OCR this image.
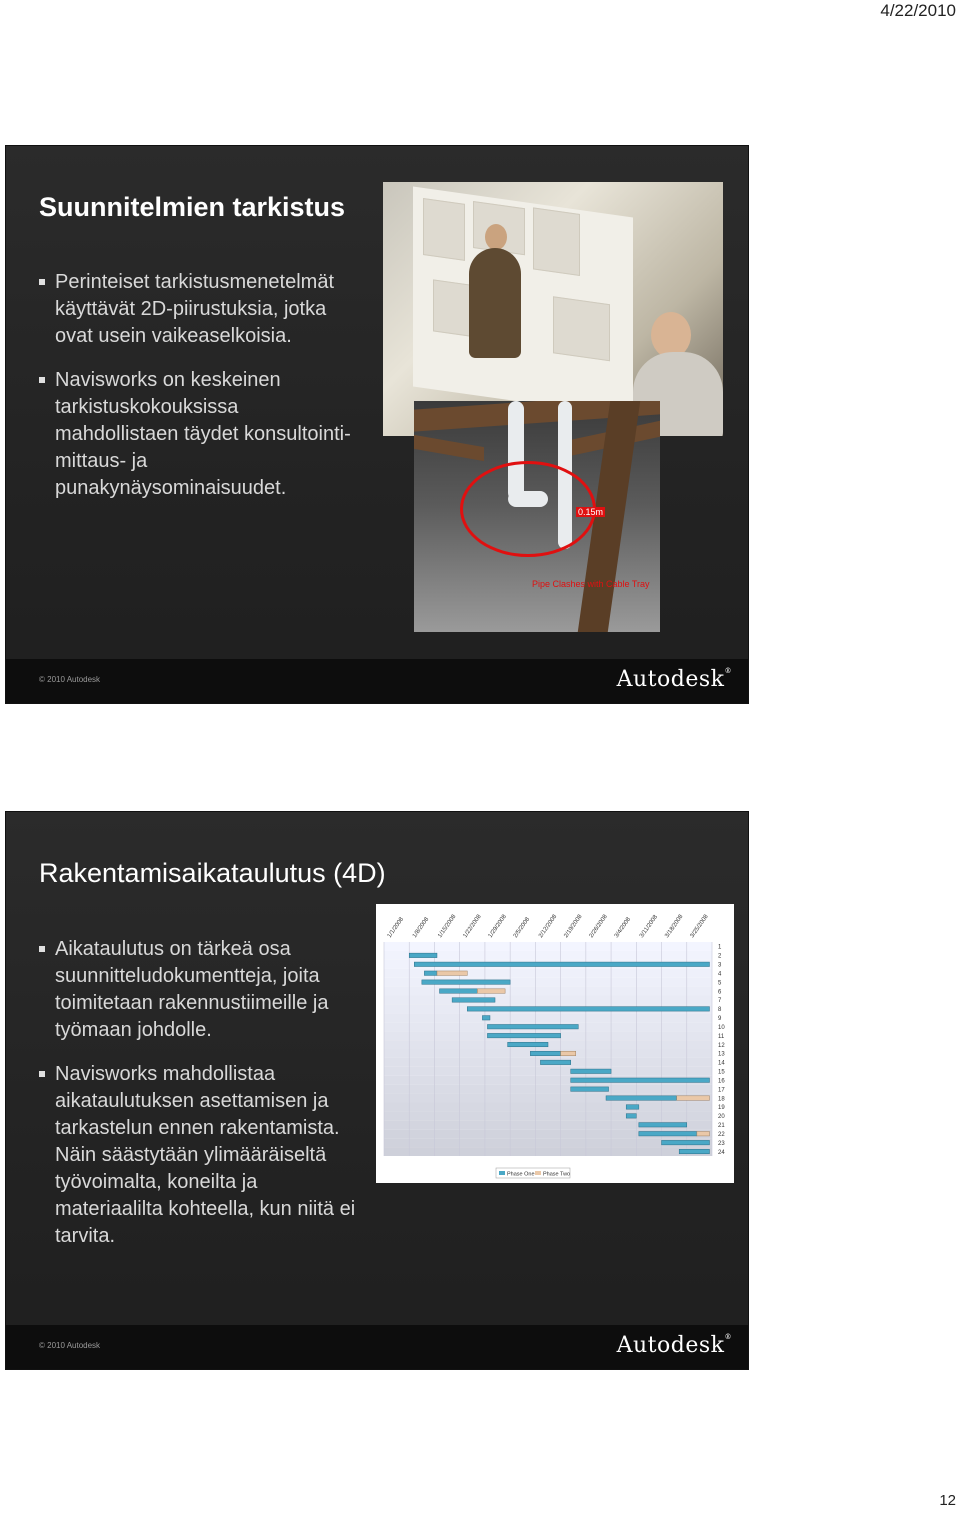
4/22/2010
Suunnitelmien tarkistus
Perinteiset tarkistusmenetelmät käyttävät 2D-piirustuksia, jotka ovat usein vaikeaselkoisia.
Navisworks on keskeinen tarkistuskokouksissa mahdollistaen täydet konsultointi- mittaus- ja punakynäysominaisuudet.
0.15m
Pipe Clashes with Cable Tray
© 2010 Autodesk	Autodesk®
Rakentamisaikataulutus (4D)
Aikataulutus on tärkeä osa suunnitteludokumentteja, joita toimitetaan rakennustiimeille ja työmaan johdolle.
Navisworks mahdollistaa aikataulutuksen asettamisen ja tarkastelun ennen rakentamista. Näin säästytään ylimääräiseltä työvoimalta, koneilta ja materiaalilta kohteella, kun niitä ei tarvita.
1/1/2008 1/8/2008 1/15/2008 1/22/2008 1/29/2008 2/5/2008 2/12/2008 2/19/2008 2/26/2008 3/4/2008 3/11/2008 3/18/2008 3/25/2008
1
2
3
4
5
6
7
8
9
10
11
12
13
14
15
16
17
18
19
20
21
22
23
24
Phase One Phase Two
© 2010 Autodesk	Autodesk®
12
